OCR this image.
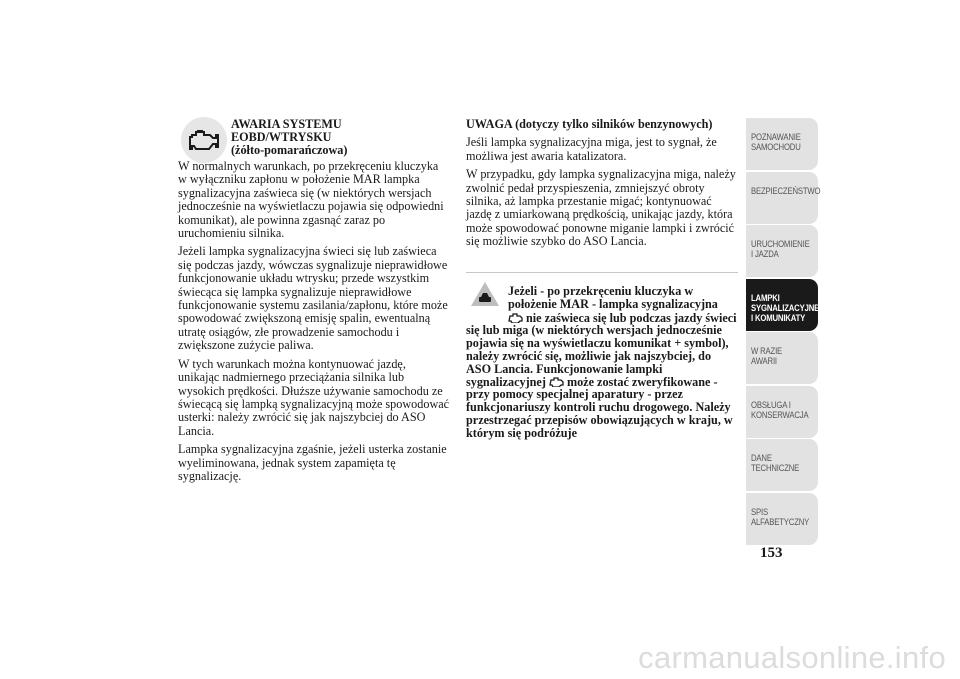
AWARIA SYSTEMU
EOBD/WTRYSKU
(żółto-pomarańczowa)

W normalnych warunkach, po przekręceniu kluczyka w wyłączniku zapłonu w położenie MAR lampka sygnalizacyjna zaświeca się (w niektórych wersjach jednocześnie na wyświetlaczu pojawia się odpowiedni komunikat), ale powinna zgasnąć zaraz po uruchomieniu silnika.

Jeżeli lampka sygnalizacyjna świeci się lub zaświeca się podczas jazdy, wówczas sygnalizuje nieprawidłowe funkcjonowanie układu wtrysku; przede wszystkim świecąca się lampka sygnalizuje nieprawidłowe funkcjonowanie systemu zasilania/zapłonu, które może spowodować zwiększoną emisję spalin, ewentualną utratę osiągów, złe prowadzenie samochodu i zwiększone zużycie paliwa.

W tych warunkach można kontynuować jazdę, unikając nadmiernego przeciążania silnika lub wysokich prędkości. Dłuższe używanie samochodu ze świecącą się lampką sygnalizacyjną może spowodować usterki: należy zwrócić się jak najszybciej do ASO Lancia.

Lampka sygnalizacyjna zgaśnie, jeżeli usterka zostanie wyeliminowana, jednak system zapamięta tę sygnalizację.

UWAGA (dotyczy tylko silników benzynowych)

Jeśli lampka sygnalizacyjna miga, jest to sygnał, że możliwa jest awaria katalizatora.

W przypadku, gdy lampka sygnalizacyjna miga, należy zwolnić pedał przyspieszenia, zmniejszyć obroty silnika, aż lampka przestanie migać; kontynuować jazdę z umiarkowaną prędkością, unikając jazdy, która może spowodować ponowne miganie lampki i zwrócić się możliwie szybko do ASO Lancia.

Jeżeli - po przekręceniu kluczyka w położenie MAR - lampka sygnalizacyjna
nie zaświeca się lub podczas jazdy świeci się lub miga (w niektórych wersjach jednocześnie pojawia się na wyświetlaczu komunikat + symbol), należy zwrócić się, możliwie jak najszybciej, do ASO Lancia. Funkcjonowanie lampki sygnalizacyjnej może zostać zweryfikowane - przy pomocy specjalnej aparatury - przez funkcjonariuszy kontroli ruchu drogowego. Należy przestrzegać przepisów obowiązujących w kraju, w którym się podróżuje
POZNAWANIE SAMOCHODU
BEZPIECZEŃSTWO
URUCHOMIENIE I JAZDA
LAMPKI SYGNALIZACYJNE I KOMUNIKATY
W RAZIE AWARII
OBSŁUGA I KONSERWACJA
DANE TECHNICZNE
SPIS ALFABETYCZNY
153
carmanualsonline.info
